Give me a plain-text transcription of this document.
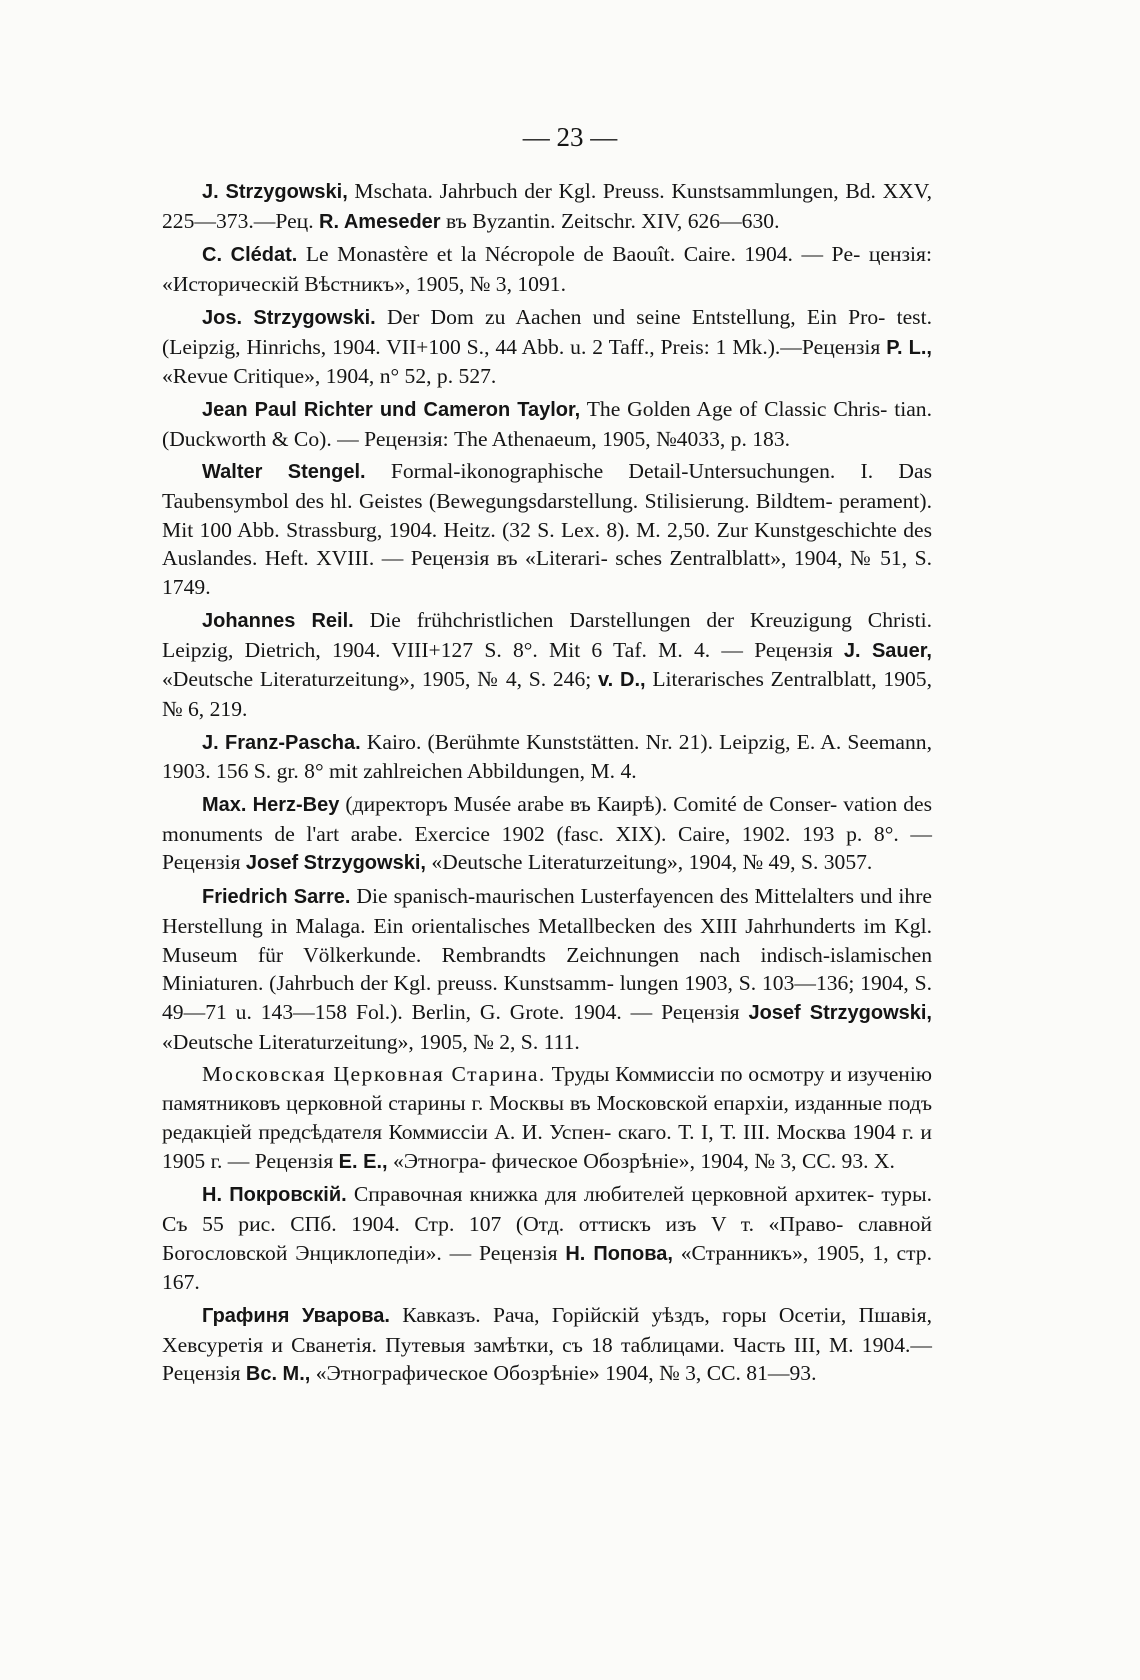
— 23 —

J. Strzygowski, Mschata. Jahrbuch der Kgl. Preuss. Kunstsammlungen, Bd. XXV, 225—373.—Рец. R. Ameseder въ Byzantin. Zeitschr. XIV, 626—630.

C. Clédat. Le Monastère et la Nécropole de Baouît. Caire. 1904. — Pe- цензія: «Историческій Вѣстникъ», 1905, № 3, 1091.

Jos. Strzygowski. Der Dom zu Aachen und seine Entstellung, Ein Pro- test. (Leipzig, Hinrichs, 1904. VII+100 S., 44 Abb. u. 2 Taff., Preis: 1 Mk.).—Рецензія P. L., «Revue Critique», 1904, n° 52, p. 527.

Jean Paul Richter und Cameron Taylor, The Golden Age of Classic Chris- tian. (Duckworth & Co). — Рецензія: The Athenaeum, 1905, №4033, p. 183.

Walter Stengel. Formal-ikonographische Detail-Untersuchungen. I. Das Taubensymbol des hl. Geistes (Bewegungsdarstellung. Stilisierung. Bildtem- perament). Mit 100 Abb. Strassburg, 1904. Heitz. (32 S. Lex. 8). M. 2,50. Zur Kunstgeschichte des Auslandes. Heft. XVIII. — Рецензія въ «Literari- sches Zentralblatt», 1904, № 51, S. 1749.

Johannes Reil. Die frühchristlichen Darstellungen der Kreuzigung Christi. Leipzig, Dietrich, 1904. VIII+127 S. 8°. Mit 6 Taf. M. 4. — Рецензія J. Sauer, «Deutsche Literaturzeitung», 1905, № 4, S. 246; v. D., Literarisches Zentralblatt, 1905, № 6, 219.

J. Franz-Pascha. Kairo. (Berühmte Kunststätten. Nr. 21). Leipzig, E. A. Seemann, 1903. 156 S. gr. 8° mit zahlreichen Abbildungen, M. 4.

Max. Herz-Bey (директоръ Musée arabe въ Каирѣ). Comité de Conser- vation des monuments de l'art arabe. Exercice 1902 (fasc. XIX). Caire, 1902. 193 p. 8°. — Рецензія Josef Strzygowski, «Deutsche Literaturzeitung», 1904, № 49, S. 3057.

Friedrich Sarre. Die spanisch-maurischen Lusterfayencen des Mittelalters und ihre Herstellung in Malaga. Ein orientalisches Metallbecken des XIII Jahrhunderts im Kgl. Museum für Völkerkunde. Rembrandts Zeichnungen nach indisch-islamischen Miniaturen. (Jahrbuch der Kgl. preuss. Kunstsamm- lungen 1903, S. 103—136; 1904, S. 49—71 u. 143—158 Fol.). Berlin, G. Grote. 1904. — Рецензія Josef Strzygowski, «Deutsche Literaturzeitung», 1905, № 2, S. 111.

Московская Церковная Старина. Труды Коммиссіи по осмотру и изученію памятниковъ церковной старины г. Москвы въ Московской епархіи, изданные подъ редакціей предсѣдателя Коммиссіи А. И. Успен- скаго. Т. I, Т. III. Москва 1904 г. и 1905 г. — Рецензія Е. Е., «Этногра- фическое Обозрѣніе», 1904, № 3, СС. 93. X.

Н. Покровскій. Справочная книжка для любителей церковной архитек- туры. Съ 55 рис. СПб. 1904. Стр. 107 (Отд. оттискъ изъ V т. «Право- славной Богословской Энциклопедіи». — Рецензія Н. Попова, «Странникъ», 1905, 1, стр. 167.

Графиня Уварова. Кавказъ. Рача, Горійскій уѣздъ, горы Осетіи, Пшавія, Хевсуретія и Сванетія. Путевыя замѣтки, съ 18 таблицами. Часть III, М. 1904.—Рецензія Вс. М., «Этнографическое Обозрѣніе» 1904, № 3, СС. 81—93.
